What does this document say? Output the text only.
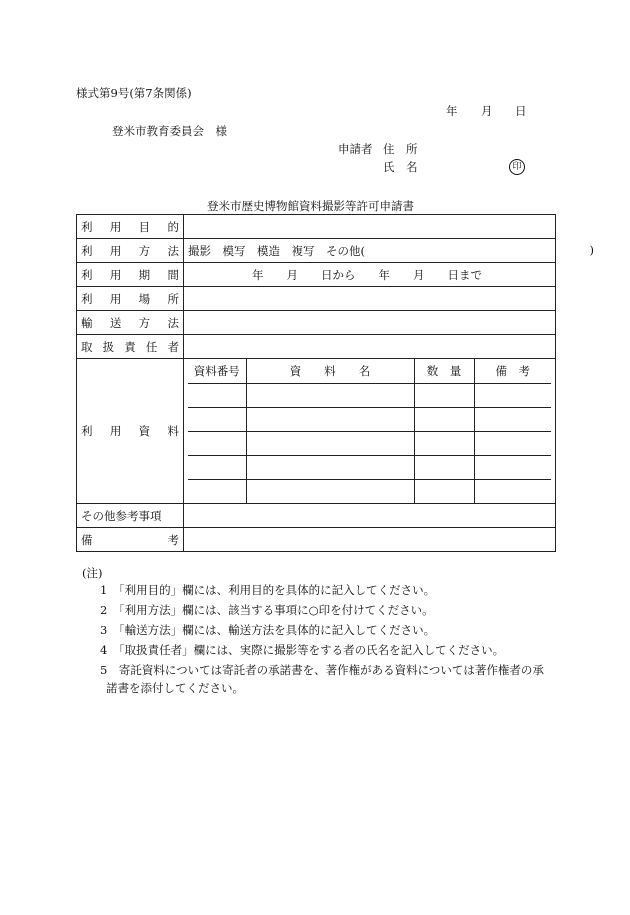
様式第9号(第7条関係)
年 月 日
登米市教育委員会　様
申請者 住　所
氏　名	印
登米市歴史博物館資料撮影等許可申請書
利用目的	
利用方法	撮影　模写　模造　複写　その他(	)

利用期間	年　　月　　日から　　年　　月　　日まで
利用場所	
輸送方法	
取扱責任者	
利用資料	
資料番号	資　　料　　名	数　量	備　考

その他参考事項	
備考	
(注)
1　「利用目的」欄には、利用目的を具体的に記入してください。
2　「利用方法」欄には、該当する事項に○印を付けてください。
3　「輸送方法」欄には、輸送方法を具体的に記入してください。
4　「取扱責任者」欄には、実際に撮影等をする者の氏名を記入してください。
5　寄託資料については寄託者の承諾書を、著作権がある資料については著作権者の承
諾書を添付してください。
